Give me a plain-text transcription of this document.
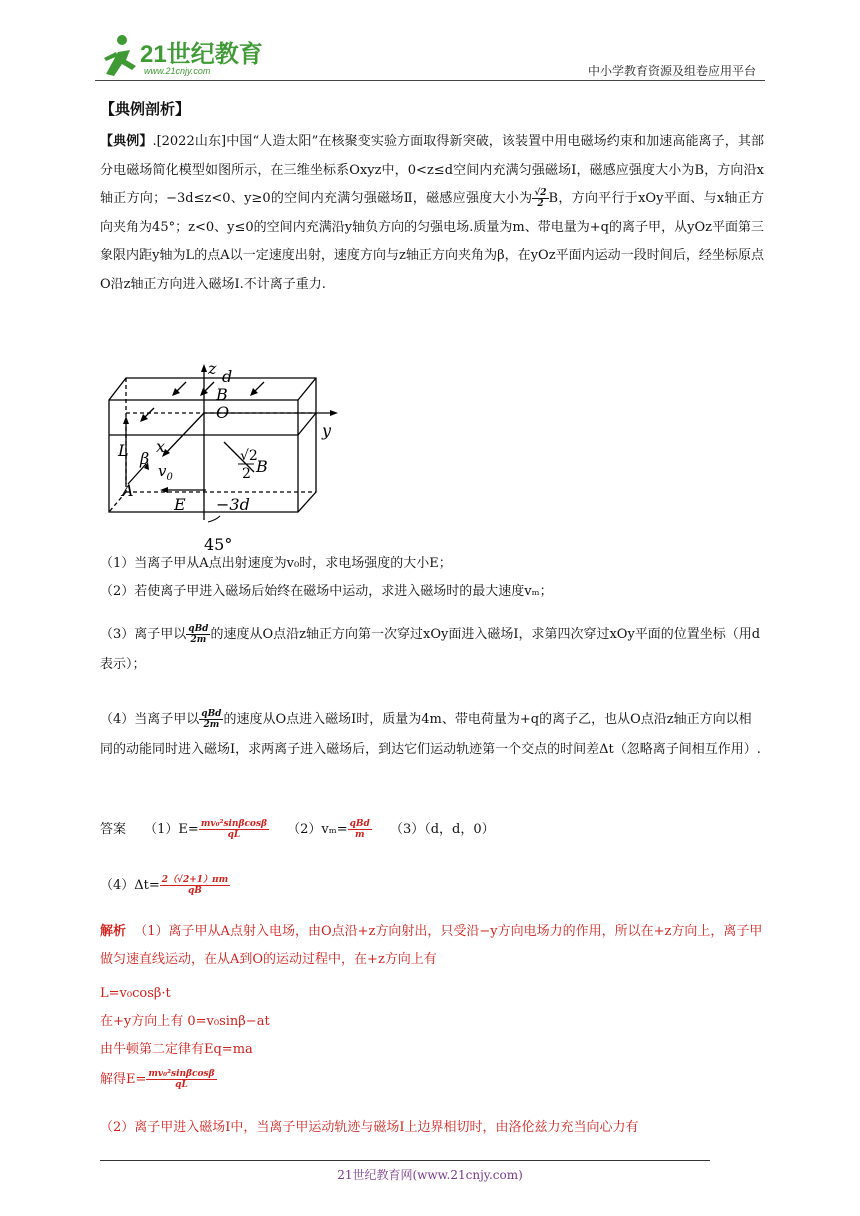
21世纪教育
www.21cnjy.com	中小学教育资源及组卷应用平台
【典例剖析】
【典例】.[2022山东]中国“人造太阳”在核聚变实验方面取得新突破，该装置中用电磁场约束和加速高能离子，其部分电磁场简化模型如图所示，在三维坐标系Oxyz中，0<z≤d空间内充满匀强磁场Ⅰ，磁感应强度大小为B，方向沿x轴正方向；−3d≤z<0、y≥0的空间内充满匀强磁场Ⅱ，磁感应强度大小为 $\frac{√2}{2}$ B，方向平行于xOy平面、与x轴正方向夹角为45°；z<0、y≤0的空间内充满沿y轴负方向的匀强电场.质量为m、带电量为+q的离子甲，从yOz平面第三象限内距y轴为L的点A以一定速度出射，速度方向与z轴正方向夹角为β，在yOz平面内运动一段时间后，经坐标原点O沿z轴正方向进入磁场Ⅰ.不计离子重力.
z d
B
O
y
x
L β
$v_0$
A
E
√2
2 B
−3d
45°
（1）当离子甲从A点出射速度为v₀时，求电场强度的大小E；
（2）若使离子甲进入磁场后始终在磁场中运动，求进入磁场时的最大速度vₘ；
（3）离子甲以 $\frac{\text{qBd}}{2m}$ 的速度从O点沿z轴正方向第一次穿过xOy面进入磁场Ⅰ，求第四次穿过xOy平面的位置坐标（用d表示）；
（4）当离子甲以 $\frac{\text{qBd}}{2m}$ 的速度从O点进入磁场Ⅰ时，质量为4m、带电荷量为+q的离子乙，也从O点沿z轴正方向以相同的动能同时进入磁场Ⅰ，求两离子进入磁场后，到达它们运动轨迹第一个交点的时间差Δt（忽略离子间相互作用）.
答案 $(1)E= \frac{\text{mv₀²sinβcosβ}}{qL} (2)v_m= \frac{\text{qBd}}{m} (3)(d$，d，0）
$(4)\Delta t= \frac{2(√2+1)\pi m}{qB}$
解析 （1）离子甲从A点射入电场，由O点沿+z方向射出，只受沿−y方向电场力的作用，所以在+z方向上，离子甲做匀速直线运动，在从A到O的运动过程中，在+z方向上有
L=v₀cosβ·t
在+y方向上有 0=v₀sinβ−at
由牛顿第二定律有Eq=ma
解得$E= \frac{\text{mv₀²sinβcosβ}}{qL}$
（2）离子甲进入磁场Ⅰ中，当离子甲运动轨迹与磁场Ⅰ上边界相切时，由洛伦兹力充当向心力有
21世纪教育网(www.21cnjy.com)
